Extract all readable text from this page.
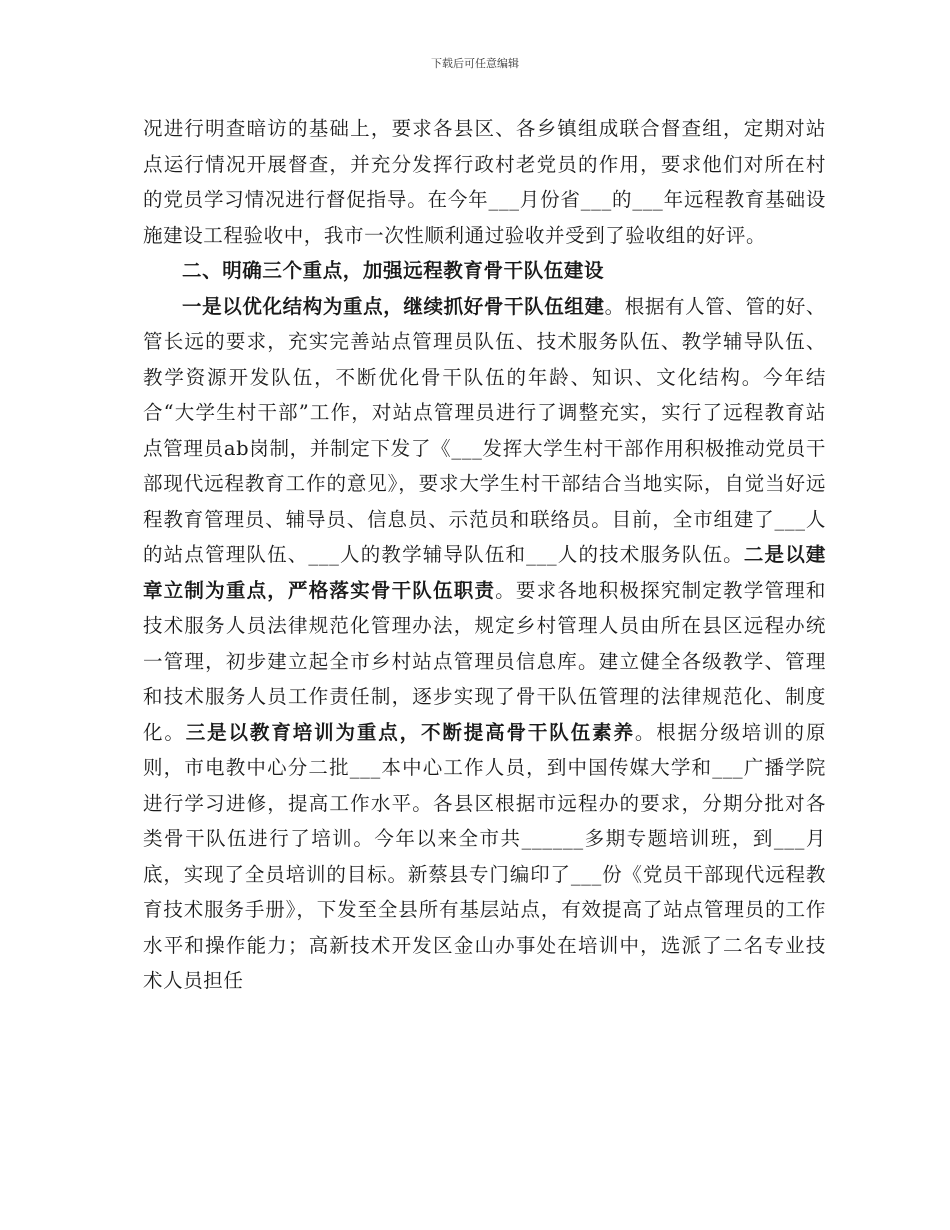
下载后可任意编辑

况进行明查暗访的基础上，要求各县区、各乡镇组成联合督查组，定期对站点运行情况开展督查，并充分发挥行政村老党员的作用，要求他们对所在村的党员学习情况进行督促指导。在今年___月份省___的___年远程教育基础设施建设工程验收中，我市一次性顺利通过验收并受到了验收组的好评。

二、明确三个重点，加强远程教育骨干队伍建设

一是以优化结构为重点，继续抓好骨干队伍组建。根据有人管、管的好、管长远的要求，充实完善站点管理员队伍、技术服务队伍、教学辅导队伍、教学资源开发队伍，不断优化骨干队伍的年龄、知识、文化结构。今年结合“大学生村干部”工作，对站点管理员进行了调整充实，实行了远程教育站点管理员ab岗制，并制定下发了《___发挥大学生村干部作用积极推动党员干部现代远程教育工作的意见》，要求大学生村干部结合当地实际，自觉当好远程教育管理员、辅导员、信息员、示范员和联络员。目前，全市组建了___人的站点管理队伍、___人的教学辅导队伍和___人的技术服务队伍。二是以建章立制为重点，严格落实骨干队伍职责。要求各地积极探究制定教学管理和技术服务人员法律规范化管理办法，规定乡村管理人员由所在县区远程办统一管理，初步建立起全市乡村站点管理员信息库。建立健全各级教学、管理和技术服务人员工作责任制，逐步实现了骨干队伍管理的法律规范化、制度化。三是以教育培训为重点，不断提高骨干队伍素养。根据分级培训的原则，市电教中心分二批___本中心工作人员，到中国传媒大学和___广播学院进行学习进修，提高工作水平。各县区根据市远程办的要求，分期分批对各类骨干队伍进行了培训。今年以来全市共______多期专题培训班，到___月底，实现了全员培训的目标。新蔡县专门编印了___份《党员干部现代远程教育技术服务手册》，下发至全县所有基层站点，有效提高了站点管理员的工作水平和操作能力；高新技术开发区金山办事处在培训中，选派了二名专业技术人员担任
